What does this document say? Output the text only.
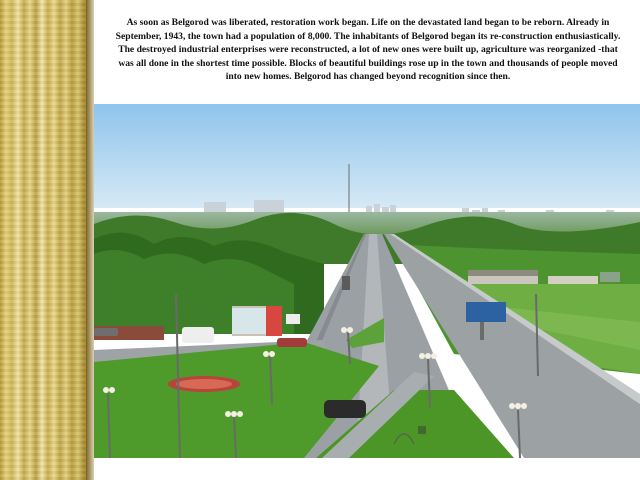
As soon as Belgorod was liberated, restoration work began. Life on the devastated land began to be reborn. Already in September, 1943, the town had a population of 8,000. The inhabitants of Belgorod began its re-construction enthusiastically. The destroyed industrial enterprises were reconstructed, a lot of new ones were built up, agriculture was reorganized -that was all done in the shortest time possible. Blocks of beautiful buildings rose up in the town and thousands of people moved into new homes. Belgorod has changed beyond recognition since then.
